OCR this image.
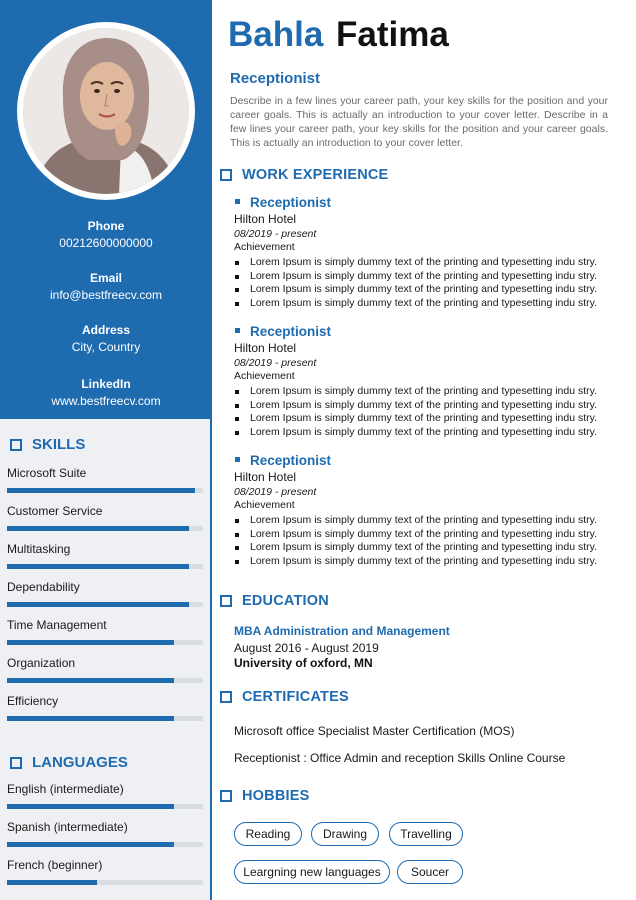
Phone
00212600000000
Email
info@bestfreecv.com
Address
City, Country
LinkedIn
www.bestfreecv.com
SKILLS
Microsoft Suite
Customer Service
Multitasking
Dependability
Time Management
Organization
Efficiency
LANGUAGES
English (intermediate)
Spanish (intermediate)
French (beginner)
Bahla Fatima
Receptionist
Describe in a few lines your career path, your key skills for the position and your career goals. This is actually an introduction to your cover letter. Describe in a few lines your career path, your key skills for the position and your career goals. This is actually an introduction to your cover letter.
WORK EXPERIENCE
Receptionist
Hilton Hotel
08/2019 - present
Achievement
Lorem Ipsum is simply dummy text of the printing and typesetting indu stry.
Lorem Ipsum is simply dummy text of the printing and typesetting indu stry.
Lorem Ipsum is simply dummy text of the printing and typesetting indu stry.
Lorem Ipsum is simply dummy text of the printing and typesetting indu stry.
Receptionist
Hilton Hotel
08/2019 - present
Achievement
Lorem Ipsum is simply dummy text of the printing and typesetting indu stry.
Lorem Ipsum is simply dummy text of the printing and typesetting indu stry.
Lorem Ipsum is simply dummy text of the printing and typesetting indu stry.
Lorem Ipsum is simply dummy text of the printing and typesetting indu stry.
Receptionist
Hilton Hotel
08/2019 - present
Achievement
Lorem Ipsum is simply dummy text of the printing and typesetting indu stry.
Lorem Ipsum is simply dummy text of the printing and typesetting indu stry.
Lorem Ipsum is simply dummy text of the printing and typesetting indu stry.
Lorem Ipsum is simply dummy text of the printing and typesetting indu stry.
EDUCATION
MBA Administration and Management
August 2016 - August 2019
University of oxford, MN
CERTIFICATES
Microsoft office Specialist Master Certification (MOS)
Receptionist : Office Admin and reception Skills Online Course
HOBBIES
Reading	Drawing	Travelling
Leargning new languages	Soucer
